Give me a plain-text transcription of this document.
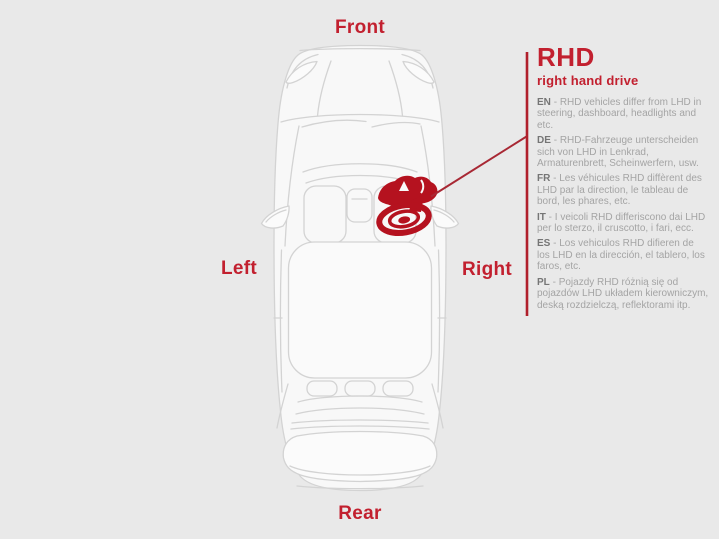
Front
Left	Right
Rear
RHD
right hand drive
EN - RHD vehicles differ from LHD in steering, dashboard, headlights and etc.
DE - RHD-Fahrzeuge unterscheiden sich von LHD in Lenkrad, Armaturenbrett, Scheinwerfern, usw.
FR - Les véhicules RHD diffèrent des LHD par la direction, le tableau de bord, les phares, etc.
IT - I veicoli RHD differiscono dai LHD per lo sterzo, il cruscotto, i fari, ecc.
ES - Los vehiculos RHD difieren de los LHD en la dirección, el tablero, los faros, etc.
PL - Pojazdy RHD różnią się od pojazdów LHD układem kierowniczym, deską rozdzielczą, reflektorami itp.
